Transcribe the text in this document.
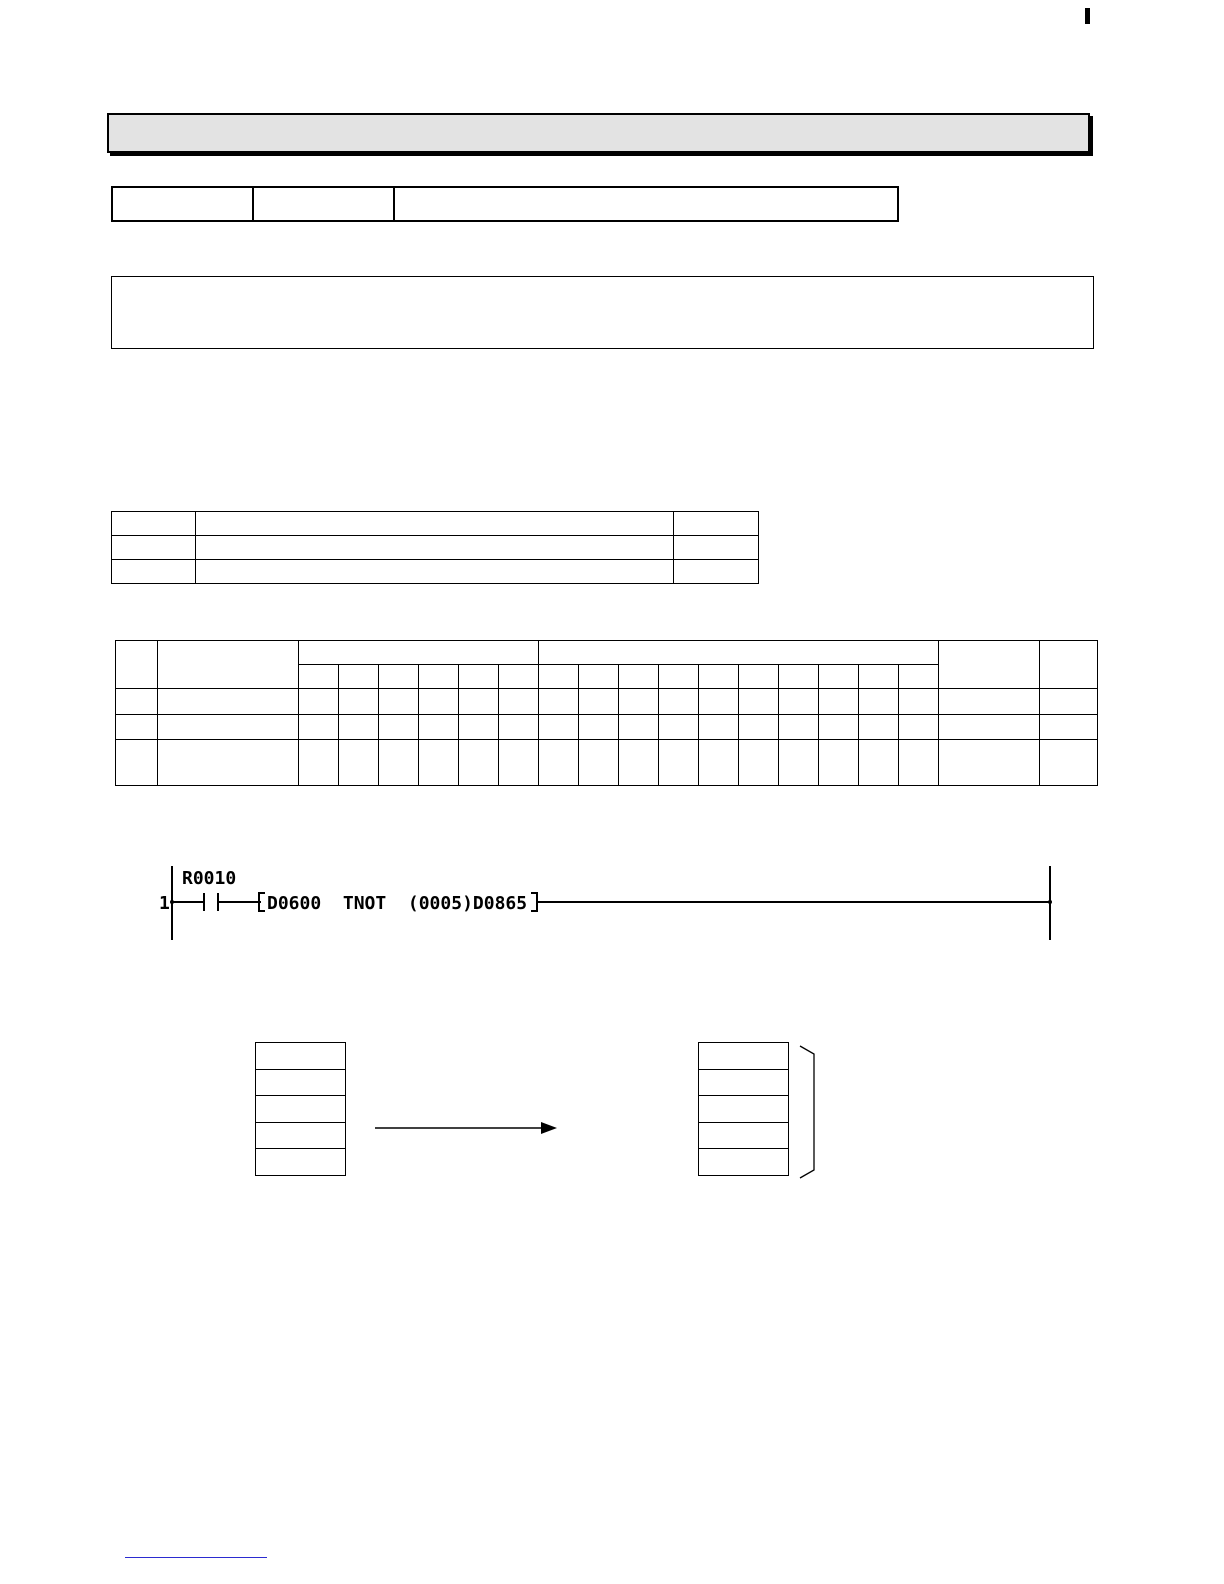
1
R0010
D0600  TNOT  (0005)D0865
